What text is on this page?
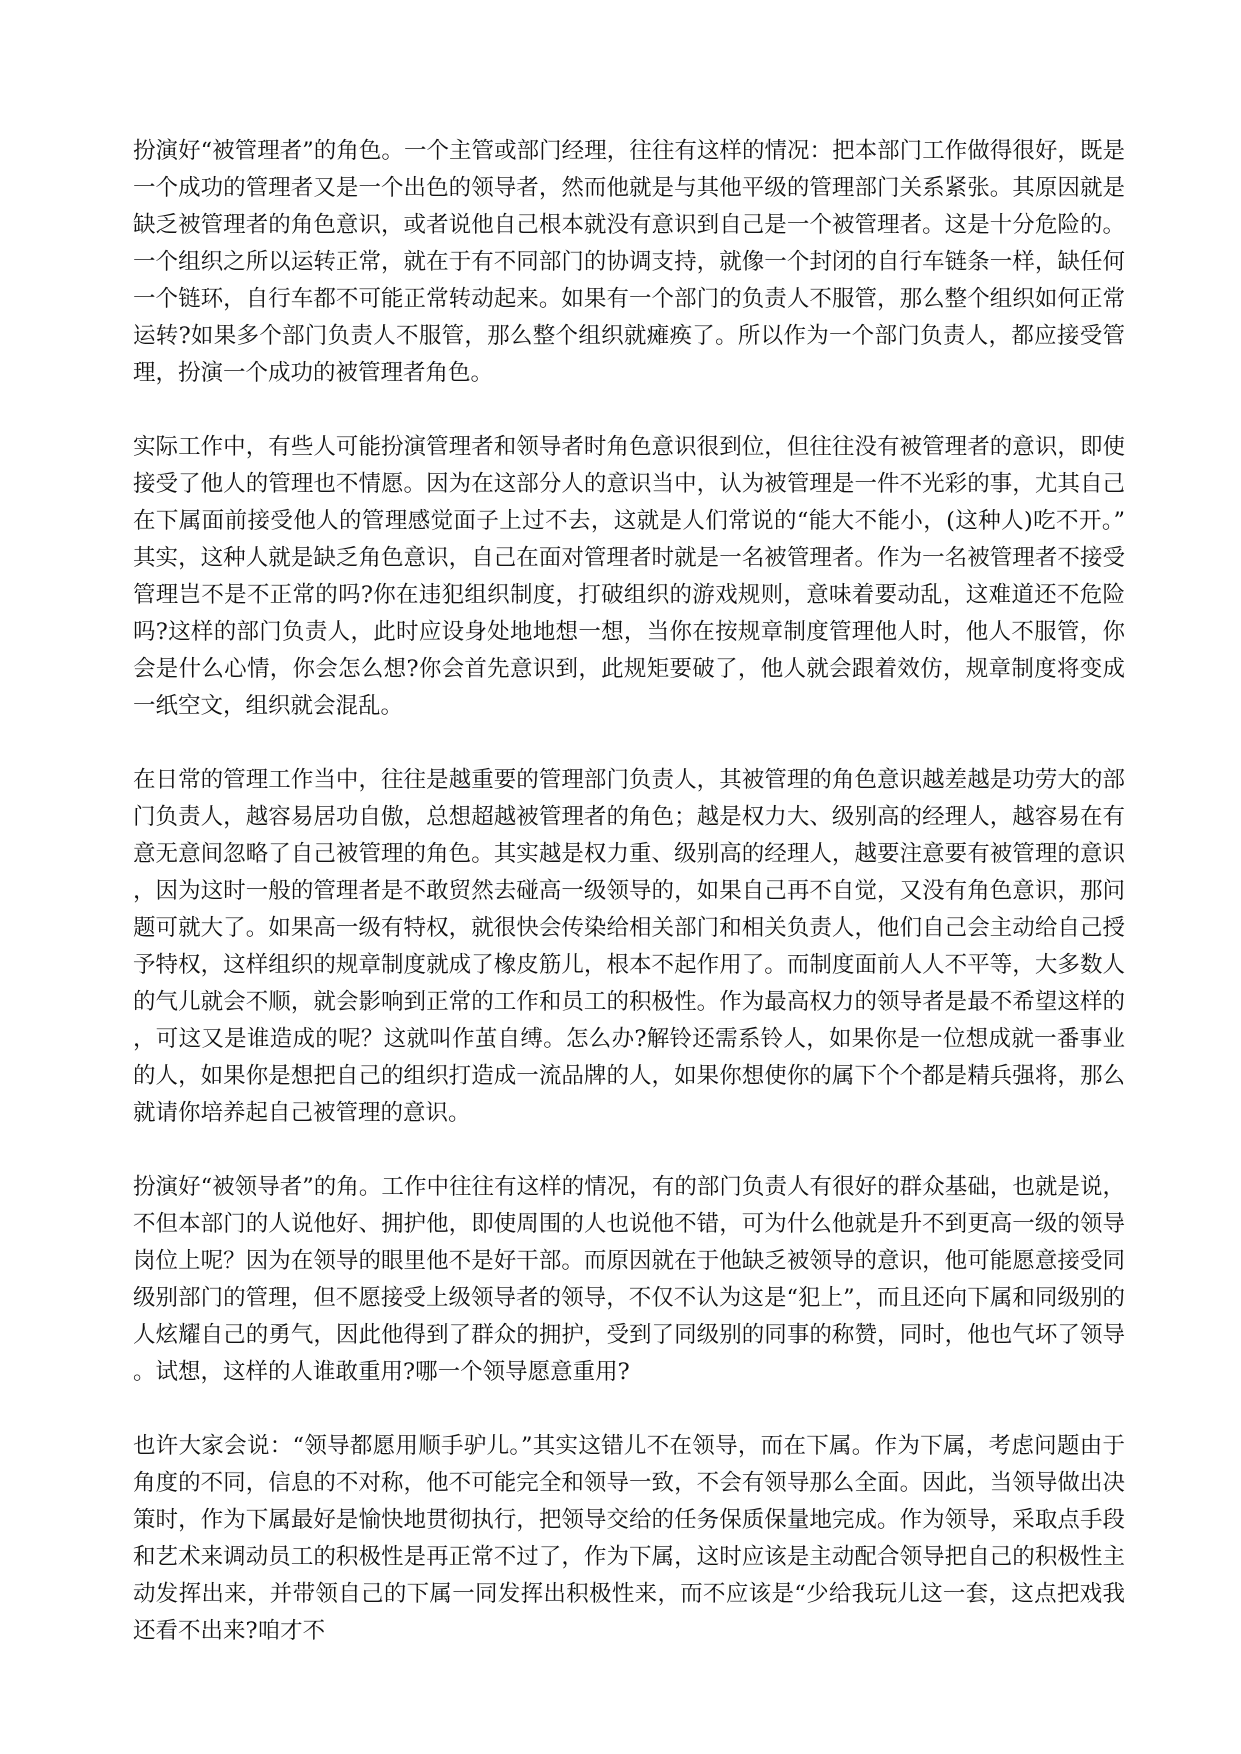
扮演好“被管理者”的角色。一个主管或部门经理，往往有这样的情况：把本部门工作做得很好，既是一个成功的管理者又是一个出色的领导者，然而他就是与其他平级的管理部门关系紧张。其原因就是缺乏被管理者的角色意识，或者说他自己根本就没有意识到自己是一个被管理者。这是十分危险的。一个组织之所以运转正常，就在于有不同部门的协调支持，就像一个封闭的自行车链条一样，缺任何一个链环，自行车都不可能正常转动起来。如果有一个部门的负责人不服管，那么整个组织如何正常运转?如果多个部门负责人不服管，那么整个组织就瘫痪了。所以作为一个部门负责人，都应接受管理，扮演一个成功的被管理者角色。

实际工作中，有些人可能扮演管理者和领导者时角色意识很到位，但往往没有被管理者的意识，即使接受了他人的管理也不情愿。因为在这部分人的意识当中，认为被管理是一件不光彩的事，尤其自己在下属面前接受他人的管理感觉面子上过不去，这就是人们常说的“能大不能小，(这种人)吃不开。”其实，这种人就是缺乏角色意识，自己在面对管理者时就是一名被管理者。作为一名被管理者不接受管理岂不是不正常的吗?你在违犯组织制度，打破组织的游戏规则，意味着要动乱，这难道还不危险吗?这样的部门负责人，此时应设身处地地想一想，当你在按规章制度管理他人时，他人不服管，你会是什么心情，你会怎么想?你会首先意识到，此规矩要破了，他人就会跟着效仿，规章制度将变成一纸空文，组织就会混乱。

在日常的管理工作当中，往往是越重要的管理部门负责人，其被管理的角色意识越差越是功劳大的部门负责人，越容易居功自傲，总想超越被管理者的角色；越是权力大、级别高的经理人，越容易在有意无意间忽略了自己被管理的角色。其实越是权力重、级别高的经理人，越要注意要有被管理的意识，因为这时一般的管理者是不敢贸然去碰高一级领导的，如果自己再不自觉，又没有角色意识，那问题可就大了。如果高一级有特权，就很快会传染给相关部门和相关负责人，他们自己会主动给自己授予特权，这样组织的规章制度就成了橡皮筋儿，根本不起作用了。而制度面前人人不平等，大多数人的气儿就会不顺，就会影响到正常的工作和员工的积极性。作为最高权力的领导者是最不希望这样的，可这又是谁造成的呢？这就叫作茧自缚。怎么办?解铃还需系铃人，如果你是一位想成就一番事业的人，如果你是想把自己的组织打造成一流品牌的人，如果你想使你的属下个个都是精兵强将，那么就请你培养起自己被管理的意识。

扮演好“被领导者”的角。工作中往往有这样的情况，有的部门负责人有很好的群众基础，也就是说，不但本部门的人说他好、拥护他，即使周围的人也说他不错，可为什么他就是升不到更高一级的领导岗位上呢？因为在领导的眼里他不是好干部。而原因就在于他缺乏被领导的意识，他可能愿意接受同级别部门的管理，但不愿接受上级领导者的领导，不仅不认为这是“犯上”，而且还向下属和同级别的人炫耀自己的勇气，因此他得到了群众的拥护，受到了同级别的同事的称赞，同时，他也气坏了领导。试想，这样的人谁敢重用?哪一个领导愿意重用?

也许大家会说：“领导都愿用顺手驴儿。”其实这错儿不在领导，而在下属。作为下属，考虑问题由于角度的不同，信息的不对称，他不可能完全和领导一致，不会有领导那么全面。因此，当领导做出决策时，作为下属最好是愉快地贯彻执行，把领导交给的任务保质保量地完成。作为领导，采取点手段和艺术来调动员工的积极性是再正常不过了，作为下属，这时应该是主动配合领导把自己的积极性主动发挥出来，并带领自己的下属一同发挥出积极性来，而不应该是“少给我玩儿这一套，这点把戏我还看不出来?咱才不
